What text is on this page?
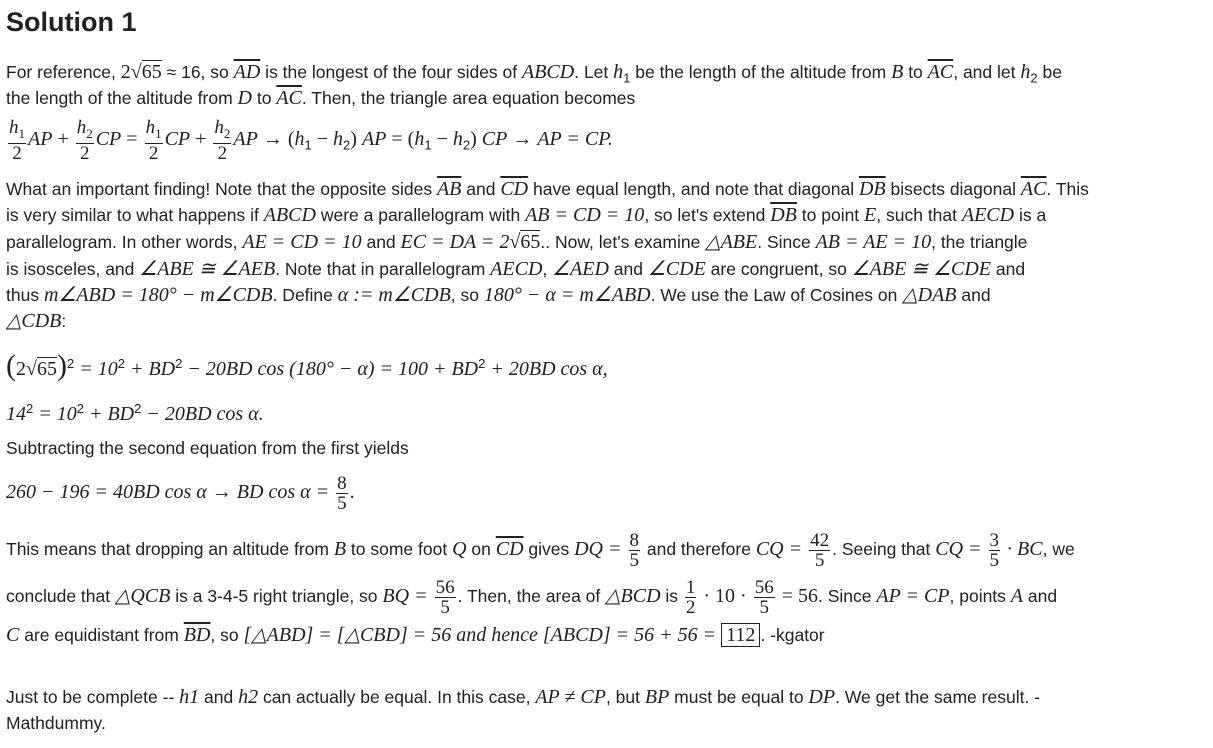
Solution 1
For reference, 2√65 ≈ 16, so $\overline{AD}$ is the longest of the four sides of ABCD. Let $h_1$ be the length of the altitude from B to $\overline{AC}$, and let $h_2$ be
the length of the altitude from D to $\overline{AC}$. Then, the triangle area equation becomes
$\frac{h_1}{2}$ AP + $\frac{h_2}{2}$ CP = $\frac{h_1}{2}$ CP + $\frac{h_2}{2}$ AP → $(h_1 - h_2)$ AP = $(h_1 - h_2)$ CP → AP = CP.
What an important finding! Note that the opposite sides $\overline{AB}$ and $\overline{CD}$ have equal length, and note that diagonal $\overline{DB}$ bisects diagonal $\overline{AC}$. This
is very similar to what happens if ABCD were a parallelogram with AB = CD = 10, so let's extend $\overline{DB}$ to point E, such that AECD is a
parallelogram. In other words, AE = CD = 10 and EC = DA = 2√65.. Now, let's examine △ABE. Since AB = AE = 10, the triangle
is isosceles, and ∠ABE ≅ ∠AEB. Note that in parallelogram AECD, ∠AED and ∠CDE are congruent, so ∠ABE ≅ ∠CDE and
thus m∠ABD = 180° − m∠CDB. Define α := m∠CDB, so 180° − α = m∠ABD. We use the Law of Cosines on △DAB and
△CDB:
$(2√65)^2 = 10^2 + BD^2 - 20BD$ $\cos (180^\circ - \alpha) = 100 + BD^2 + 20BD$ cos α,
$14^2 = 10^2 + BD^2 - 20BD$ cos α.
Subtracting the second equation from the first yields
260 − 196 = 40BD cos α → BD $\cos \alpha = \frac{8}{5}$ .
This means that dropping an altitude from B to some foot Q on $\overline{CD}$ gives DQ = $\frac{8}{5}$ and therefore CQ = $\frac{42}{5}$ . Seeing that CQ = $\frac{3}{5}$ · BC, we
conclude that △QCB is a 3-4-5 right triangle, so BQ = $\frac{56}{5}$ . Then, the area of △BCD is $\frac{1}{2} \cdot 10 \cdot \frac{56}{5} = 56$. Since AP = CP, points A and
C are equidistant from $\overline{BD}$, so [△ABD] = [△CBD] = 56 and hence [ABCD] = 56 + 56 = 112 . -kgator
Just to be complete -- h1 and h2 can actually be equal. In this case, AP ≠ CP, but BP must be equal to DP. We get the same result. -
Mathdummy.
